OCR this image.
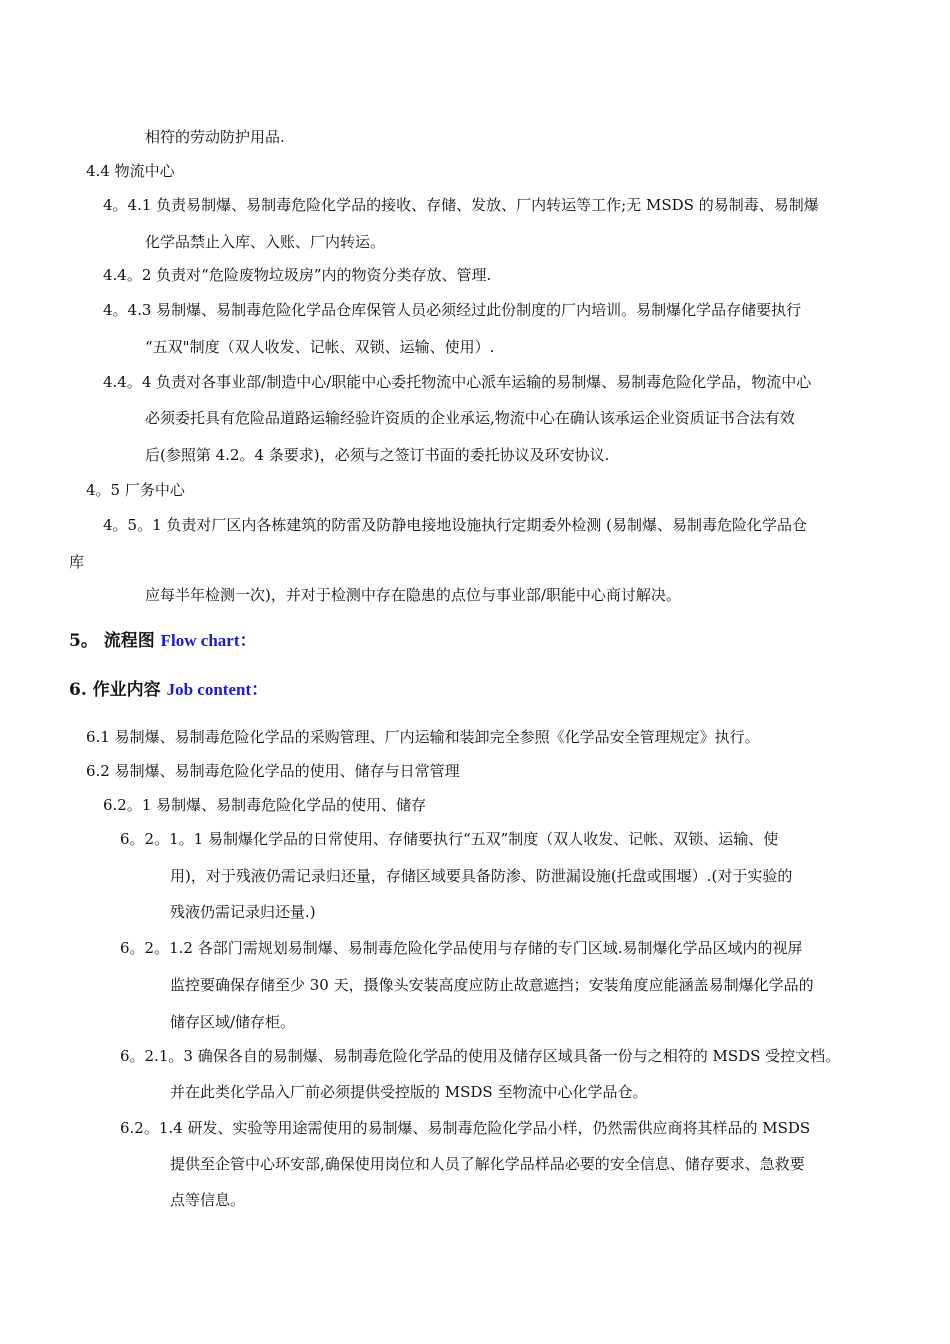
相符的劳动防护用品.
4.4 物流中心
4。4.1 负责易制爆、易制毒危险化学品的接收、存储、发放、厂内转运等工作;无 MSDS 的易制毒、易制爆
化学品禁止入库、入账、厂内转运。
4.4。2 负责对“危险废物垃圾房”内的物资分类存放、管理.
4。4.3 易制爆、易制毒危险化学品仓库保管人员必须经过此份制度的厂内培训。易制爆化学品存储要执行
“五双"制度（双人收发、记帐、双锁、运输、使用）.
4.4。4 负责对各事业部/制造中心/职能中心委托物流中心派车运输的易制爆、易制毒危险化学品，物流中心
必须委托具有危险品道路运输经验许资质的企业承运,物流中心在确认该承运企业资质证书合法有效
后(参照第 4.2。4 条要求)，必须与之签订书面的委托协议及环安协议.
4。5 厂务中心
4。5。1 负责对厂区内各栋建筑的防雷及防静电接地设施执行定期委外检测 (易制爆、易制毒危险化学品仓
库
应每半年检测一次)，并对于检测中存在隐患的点位与事业部/职能中心商讨解决。
5。 流程图 Flow chart：
6. 作业内容 Job content：
6.1 易制爆、易制毒危险化学品的采购管理、厂内运输和装卸完全参照《化学品安全管理规定》执行。
6.2 易制爆、易制毒危险化学品的使用、储存与日常管理
6.2。1 易制爆、易制毒危险化学品的使用、储存
6。2。1。1 易制爆化学品的日常使用、存储要执行“五双”制度（双人收发、记帐、双锁、运输、使
用)，对于残液仍需记录归还量，存储区域要具备防渗、防泄漏设施(托盘或围堰）.(对于实验的
残液仍需记录归还量.)
6。2。1.2 各部门需规划易制爆、易制毒危险化学品使用与存储的专门区域.易制爆化学品区域内的视屏
监控要确保存储至少 30 天，摄像头安装高度应防止故意遮挡；安装角度应能涵盖易制爆化学品的
储存区域/储存柜。
6。2.1。3 确保各自的易制爆、易制毒危险化学品的使用及储存区域具备一份与之相符的 MSDS 受控文档。
并在此类化学品入厂前必须提供受控版的 MSDS 至物流中心化学品仓。
6.2。1.4 研发、实验等用途需使用的易制爆、易制毒危险化学品小样，仍然需供应商将其样品的 MSDS
提供至企管中心环安部,确保使用岗位和人员了解化学品样品必要的安全信息、储存要求、急救要
点等信息。
